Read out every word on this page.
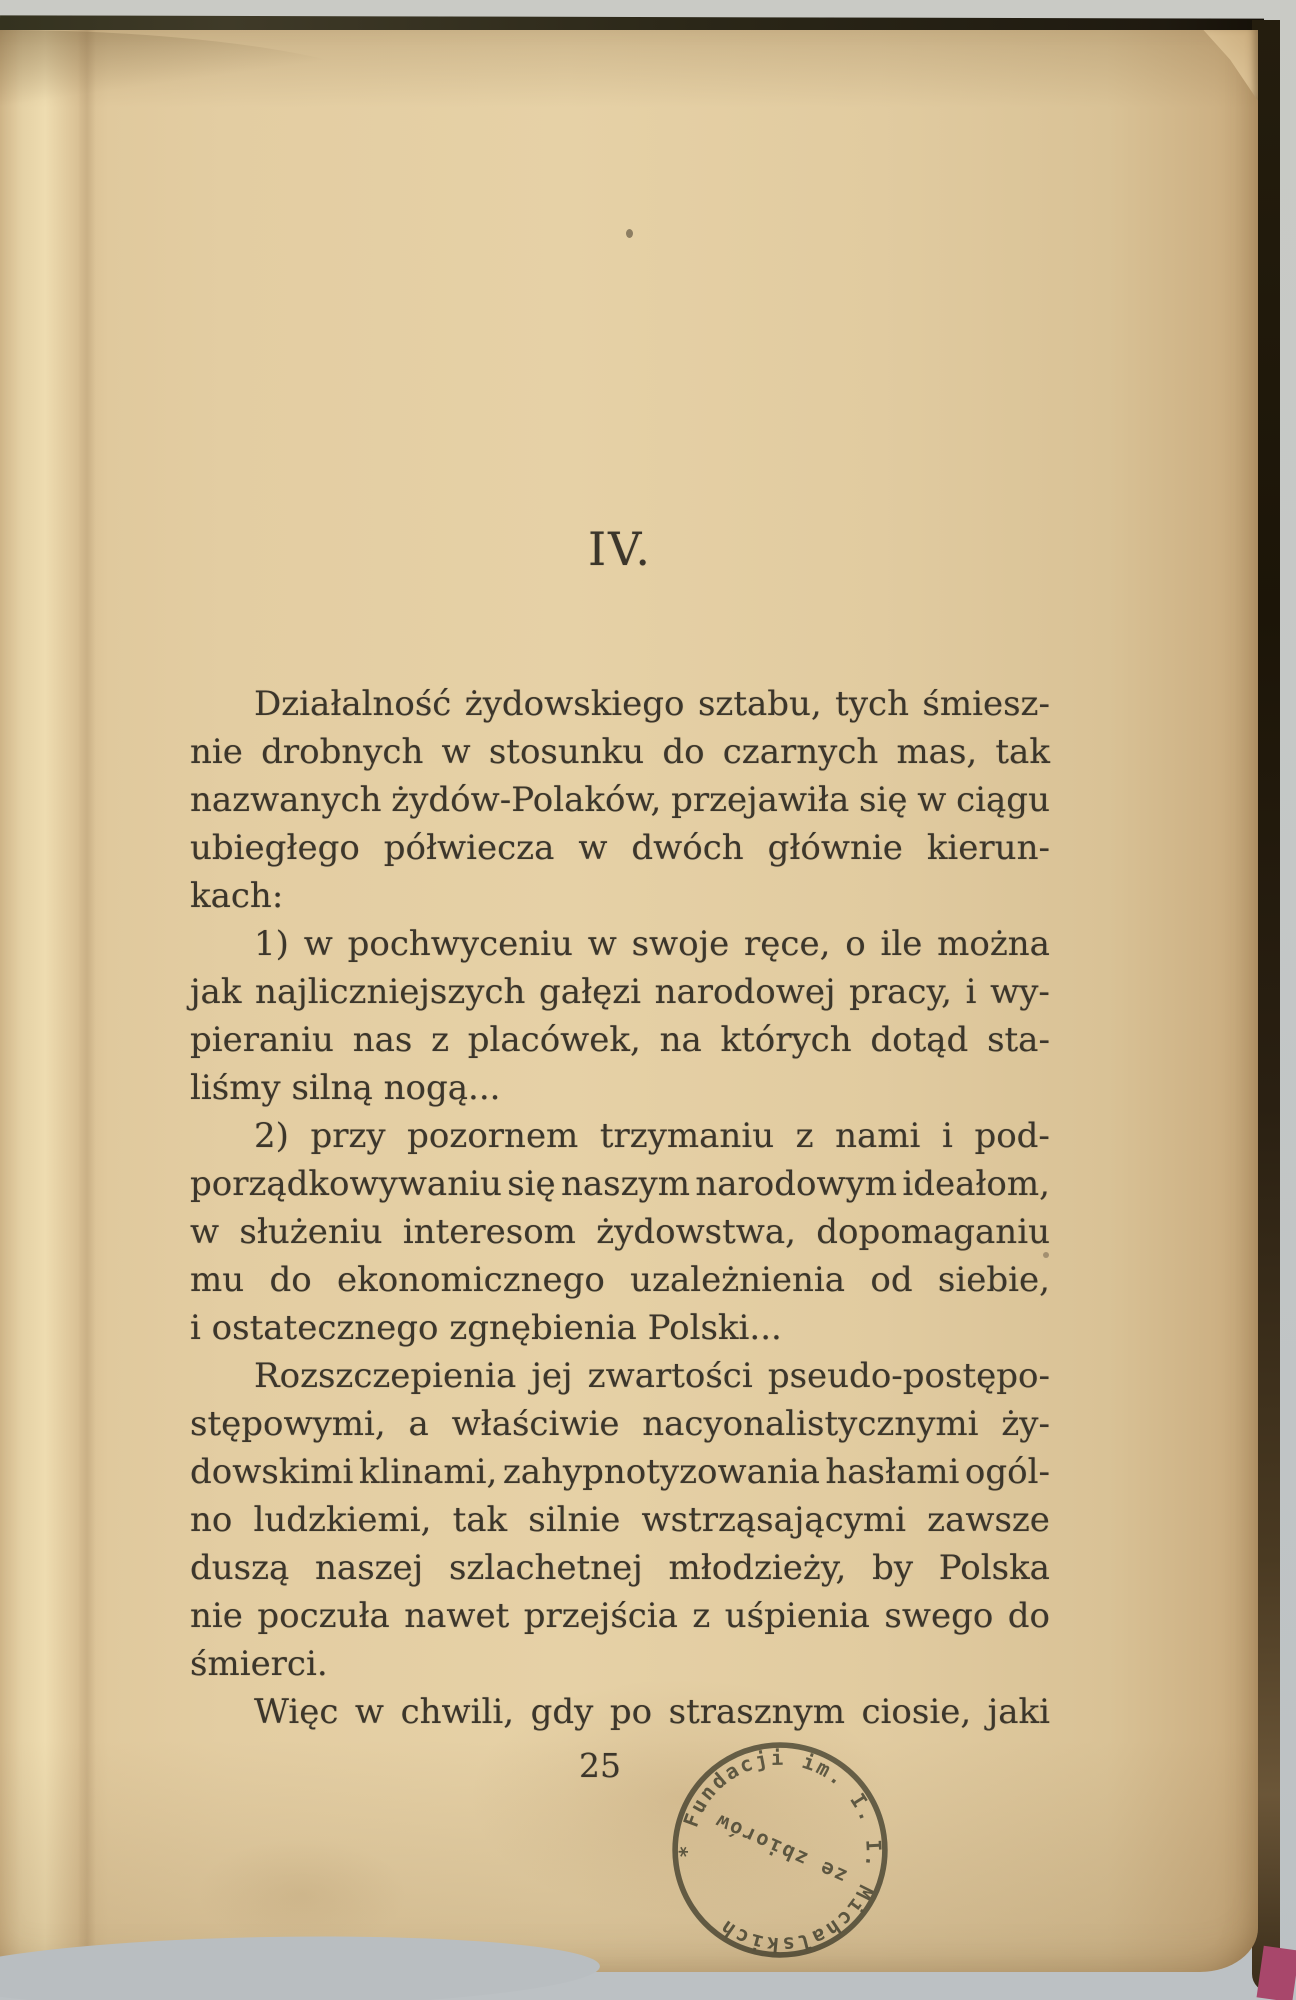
IV.
Działalność żydowskiego sztabu, tych śmiesz-
nie drobnych w stosunku do czarnych mas, tak
nazwanych żydów-Polaków, przejawiła się w ciągu
ubiegłego półwiecza w dwóch głównie kierun-
kach:
1) w pochwyceniu w swoje ręce, o ile można
jak najliczniejszych gałęzi narodowej pracy, i wy-
pieraniu nas z placówek, na których dotąd sta-
liśmy silną nogą...
2) przy pozornem trzymaniu z nami i pod-
porządkowywaniu się naszym narodowym ideałom,
w służeniu interesom żydowstwa, dopomaganiu
mu do ekonomicznego uzależnienia od siebie,
i ostatecznego zgnębienia Polski...
Rozszczepienia jej zwartości pseudo-postępo-
stępowymi, a właściwie nacyonalistycznymi ży-
dowskimi klinami, zahypnotyzowania hasłami ogól-
no ludzkiemi, tak silnie wstrząsającymi zawsze
duszą naszej szlachetnej młodzieży, by Polska
nie poczuła nawet przejścia z uśpienia swego do
śmierci.
Więc w chwili, gdy po strasznym ciosie, jaki
25
* Fundacji im. I. I. Michalskich
ze zbiorów
